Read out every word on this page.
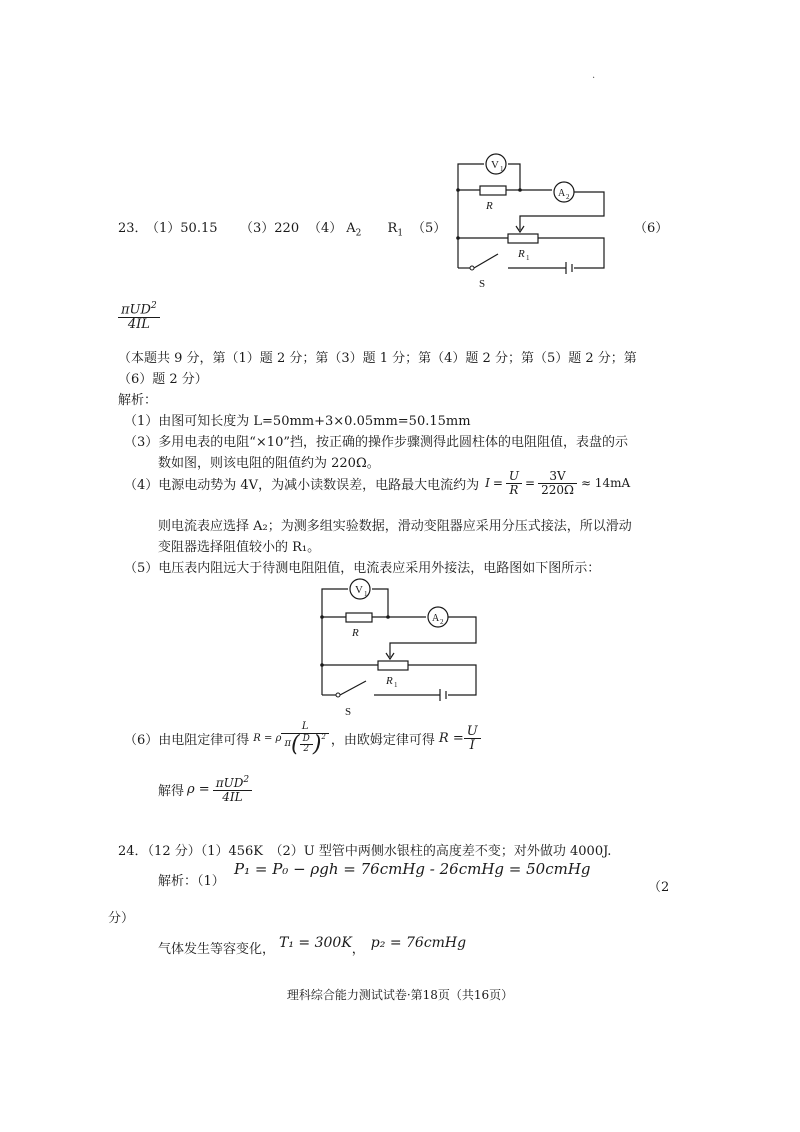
.
23．
（1）50.15 （3）220 （4） $A_2$ $R_1$ （5）	（6）
V 1
A 2
R
R 1
S
πUD$^2$
4IL
（本题共 9 分，第（1）题 2 分；第（3）题 1 分；第（4）题 2 分；第（5）题 2 分；第
（6）题 2 分）
解析：
（1）由图可知长度为 L=50mm+3×0.05mm=50.15mm
（3）多用电表的电阻“×10”挡，按正确的操作步骤测得此圆柱体的电阻阻值，表盘的示
数如图，则该电阻的阻值约为 220Ω。
（4）电源电动势为 4V，为减小读数误差，电路最大电流约为 $I = \frac{U}{R} = \frac{3V}{220\Omega} \approx 14mA$
则电流表应选择 A₂；为测多组实验数据，滑动变阻器应采用分压式接法，所以滑动
变阻器选择阻值较小的 R₁。
（5）电压表内阻远大于待测电阻阻值，电流表应采用外接法，电路图如下图所示：
V 1
A 2
R
R 1
S
（6）由电阻定律可得 R = ρ $\frac{L}{\pi ( \frac{D}{2} )^2}$ ，由欧姆定律可得 $R = \frac{U}{I}$
解得 $\rho = \frac{\pi UD^2}{4IL}$
24．（12 分）（1）456K　（2）U 型管中两侧水银柱的高度差不变；对外做功 4000J.
解析：（1）
P₁ = P₀ − ρgh = 76cmHg - 26cmHg = 50cmHg
（2
分）
气体发生等容变化， T₁ = 300K ， p₂ = 76cmHg
理科综合能力测试试卷·第18页（共16页）
